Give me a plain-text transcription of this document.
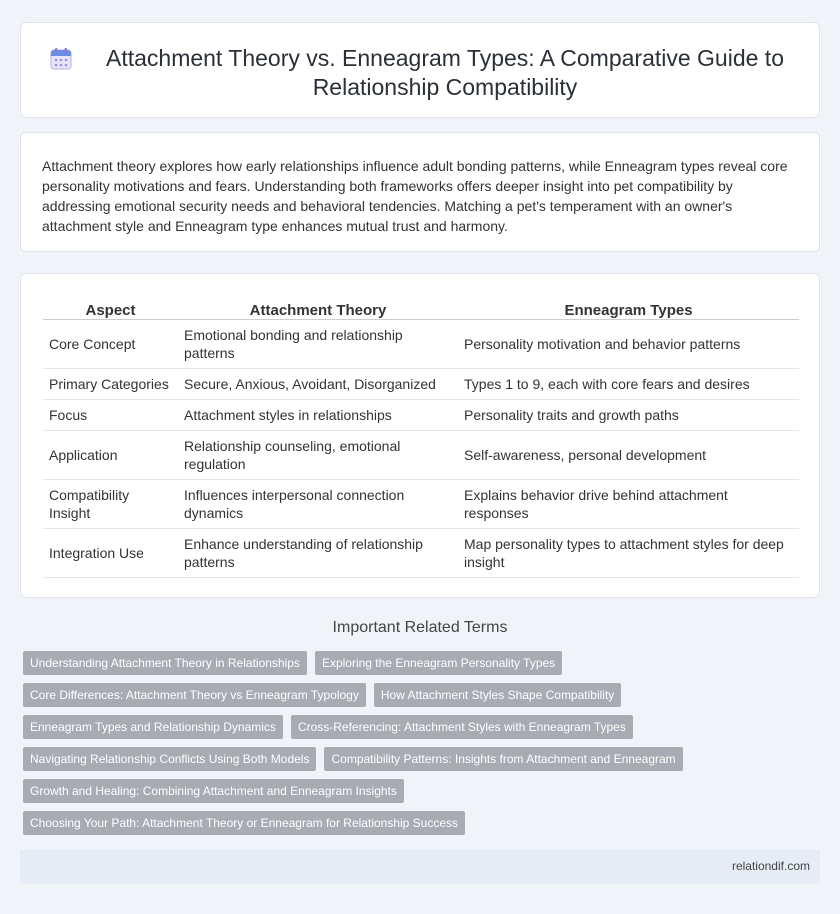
Attachment Theory vs. Enneagram Types: A Comparative Guide to Relationship Compatibility

Attachment theory explores how early relationships influence adult bonding patterns, while Enneagram types reveal core personality motivations and fears. Understanding both frameworks offers deeper insight into pet compatibility by addressing emotional security needs and behavioral tendencies. Matching a pet's temperament with an owner's attachment style and Enneagram type enhances mutual trust and harmony.

Aspect	Attachment Theory	Enneagram Types
Core Concept	Emotional bonding and relationship patterns	Personality motivation and behavior patterns
Primary Categories	Secure, Anxious, Avoidant, Disorganized	Types 1 to 9, each with core fears and desires
Focus	Attachment styles in relationships	Personality traits and growth paths
Application	Relationship counseling, emotional regulation	Self-awareness, personal development
Compatibility Insight	Influences interpersonal connection dynamics	Explains behavior drive behind attachment responses
Integration Use	Enhance understanding of relationship patterns	Map personality types to attachment styles for deep insight
Important Related Terms
Understanding Attachment Theory in Relationships	Exploring the Enneagram Personality Types
Core Differences: Attachment Theory vs Enneagram Typology	How Attachment Styles Shape Compatibility
Enneagram Types and Relationship Dynamics	Cross-Referencing: Attachment Styles with Enneagram Types
Navigating Relationship Conflicts Using Both Models	Compatibility Patterns: Insights from Attachment and Enneagram
Growth and Healing: Combining Attachment and Enneagram Insights
Choosing Your Path: Attachment Theory or Enneagram for Relationship Success
relationdif.com
